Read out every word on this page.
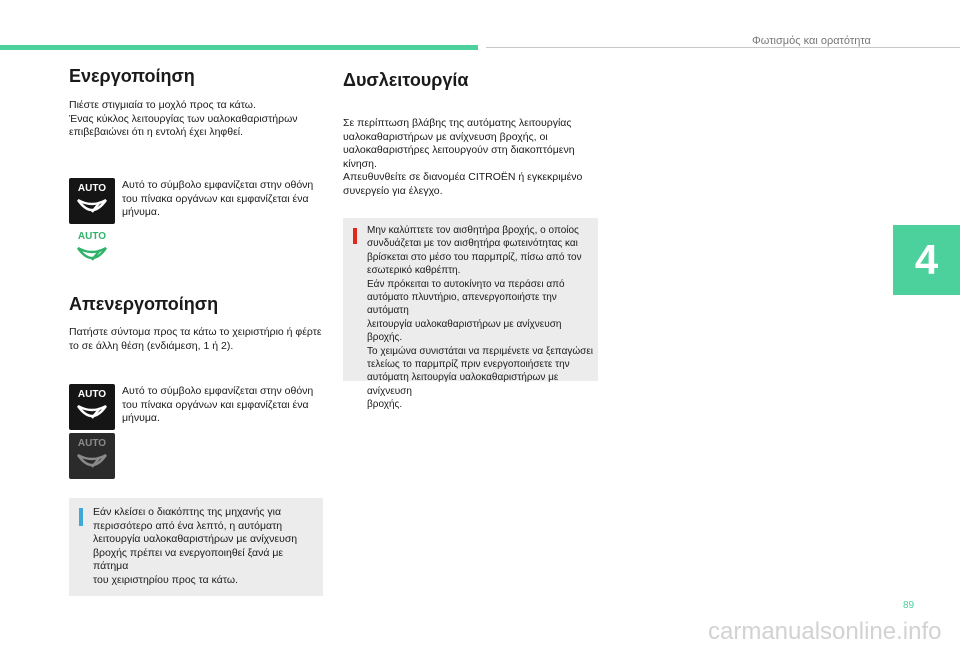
Φωτισμός και ορατότητα
4
Ενεργοποίηση

Πιέστε στιγμιαία το μοχλό προς τα κάτω.
Ένας κύκλος λειτουργίας των υαλοκαθαριστήρων
επιβεβαιώνει ότι η εντολή έχει ληφθεί.

AUTO Αυτό το σύμβολο εμφανίζεται στην οθόνη
του πίνακα οργάνων και εμφανίζεται ένα
μήνυμα.

AUTO
Απενεργοποίηση

Πατήστε σύντομα προς τα κάτω το χειριστήριο ή φέρτε
το σε άλλη θέση (ενδιάμεση, 1 ή 2).

AUTO Αυτό το σύμβολο εμφανίζεται στην οθόνη
του πίνακα οργάνων και εμφανίζεται ένα
μήνυμα.

AUTO

Εάν κλείσει ο διακόπτης της μηχανής για
περισσότερο από ένα λεπτό, η αυτόματη
λειτουργία υαλοκαθαριστήρων με ανίχνευση
βροχής πρέπει να ενεργοποιηθεί ξανά με πάτημα
του χειριστηρίου προς τα κάτω.

Δυσλειτουργία

Σε περίπτωση βλάβης της αυτόματης λειτουργίας
υαλοκαθαριστήρων με ανίχνευση βροχής, οι
υαλοκαθαριστήρες λειτουργούν στη διακοπτόμενη
κίνηση.
Απευθυνθείτε σε διανομέα CITROËN ή εγκεκριμένο
συνεργείο για έλεγχο.

Μην καλύπτετε τον αισθητήρα βροχής, ο οποίος
συνδυάζεται με τον αισθητήρα φωτεινότητας και
βρίσκεται στο μέσο του παρμπρίζ, πίσω από τον
εσωτερικό καθρέπτη.
Εάν πρόκειται το αυτοκίνητο να περάσει από
αυτόματο πλυντήριο, απενεργοποιήστε την αυτόματη
λειτουργία υαλοκαθαριστήρων με ανίχνευση βροχής.
Το χειμώνα συνιστάται να περιμένετε να ξεπαγώσει
τελείως το παρμπρίζ πριν ενεργοποιήσετε την
αυτόματη λειτουργία υαλοκαθαριστήρων με ανίχνευση
βροχής.

89
carmanualsonline.info
